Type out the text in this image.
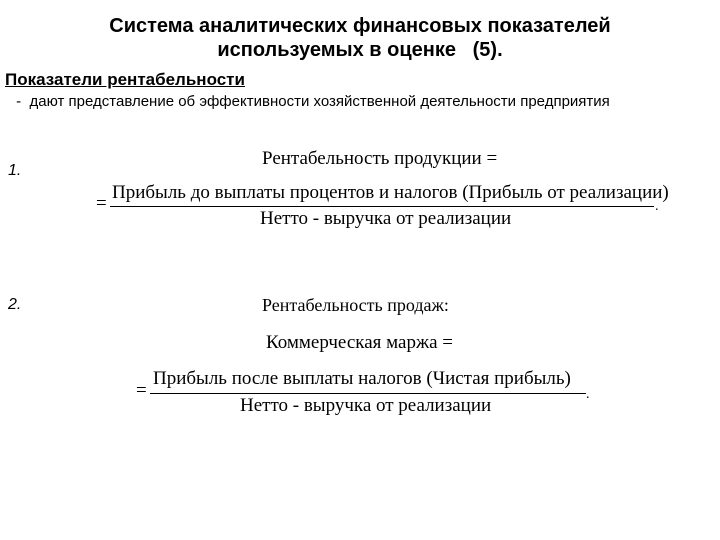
Система аналитических финансовых показателей
используемых в оценке   (5).
Показатели рентабельности
-  дают представление об эффективности хозяйственной деятельности предприятия
1.
Рентабельность продукции =
=
Прибыль до выплаты процентов и налогов (Прибыль от реализации)
.
Нетто - выручка от реализации
2.	Рентабельность продаж:
Коммерческая маржа =
=
Прибыль после выплаты налогов (Чистая прибыль)
.
Нетто - выручка от реализации
